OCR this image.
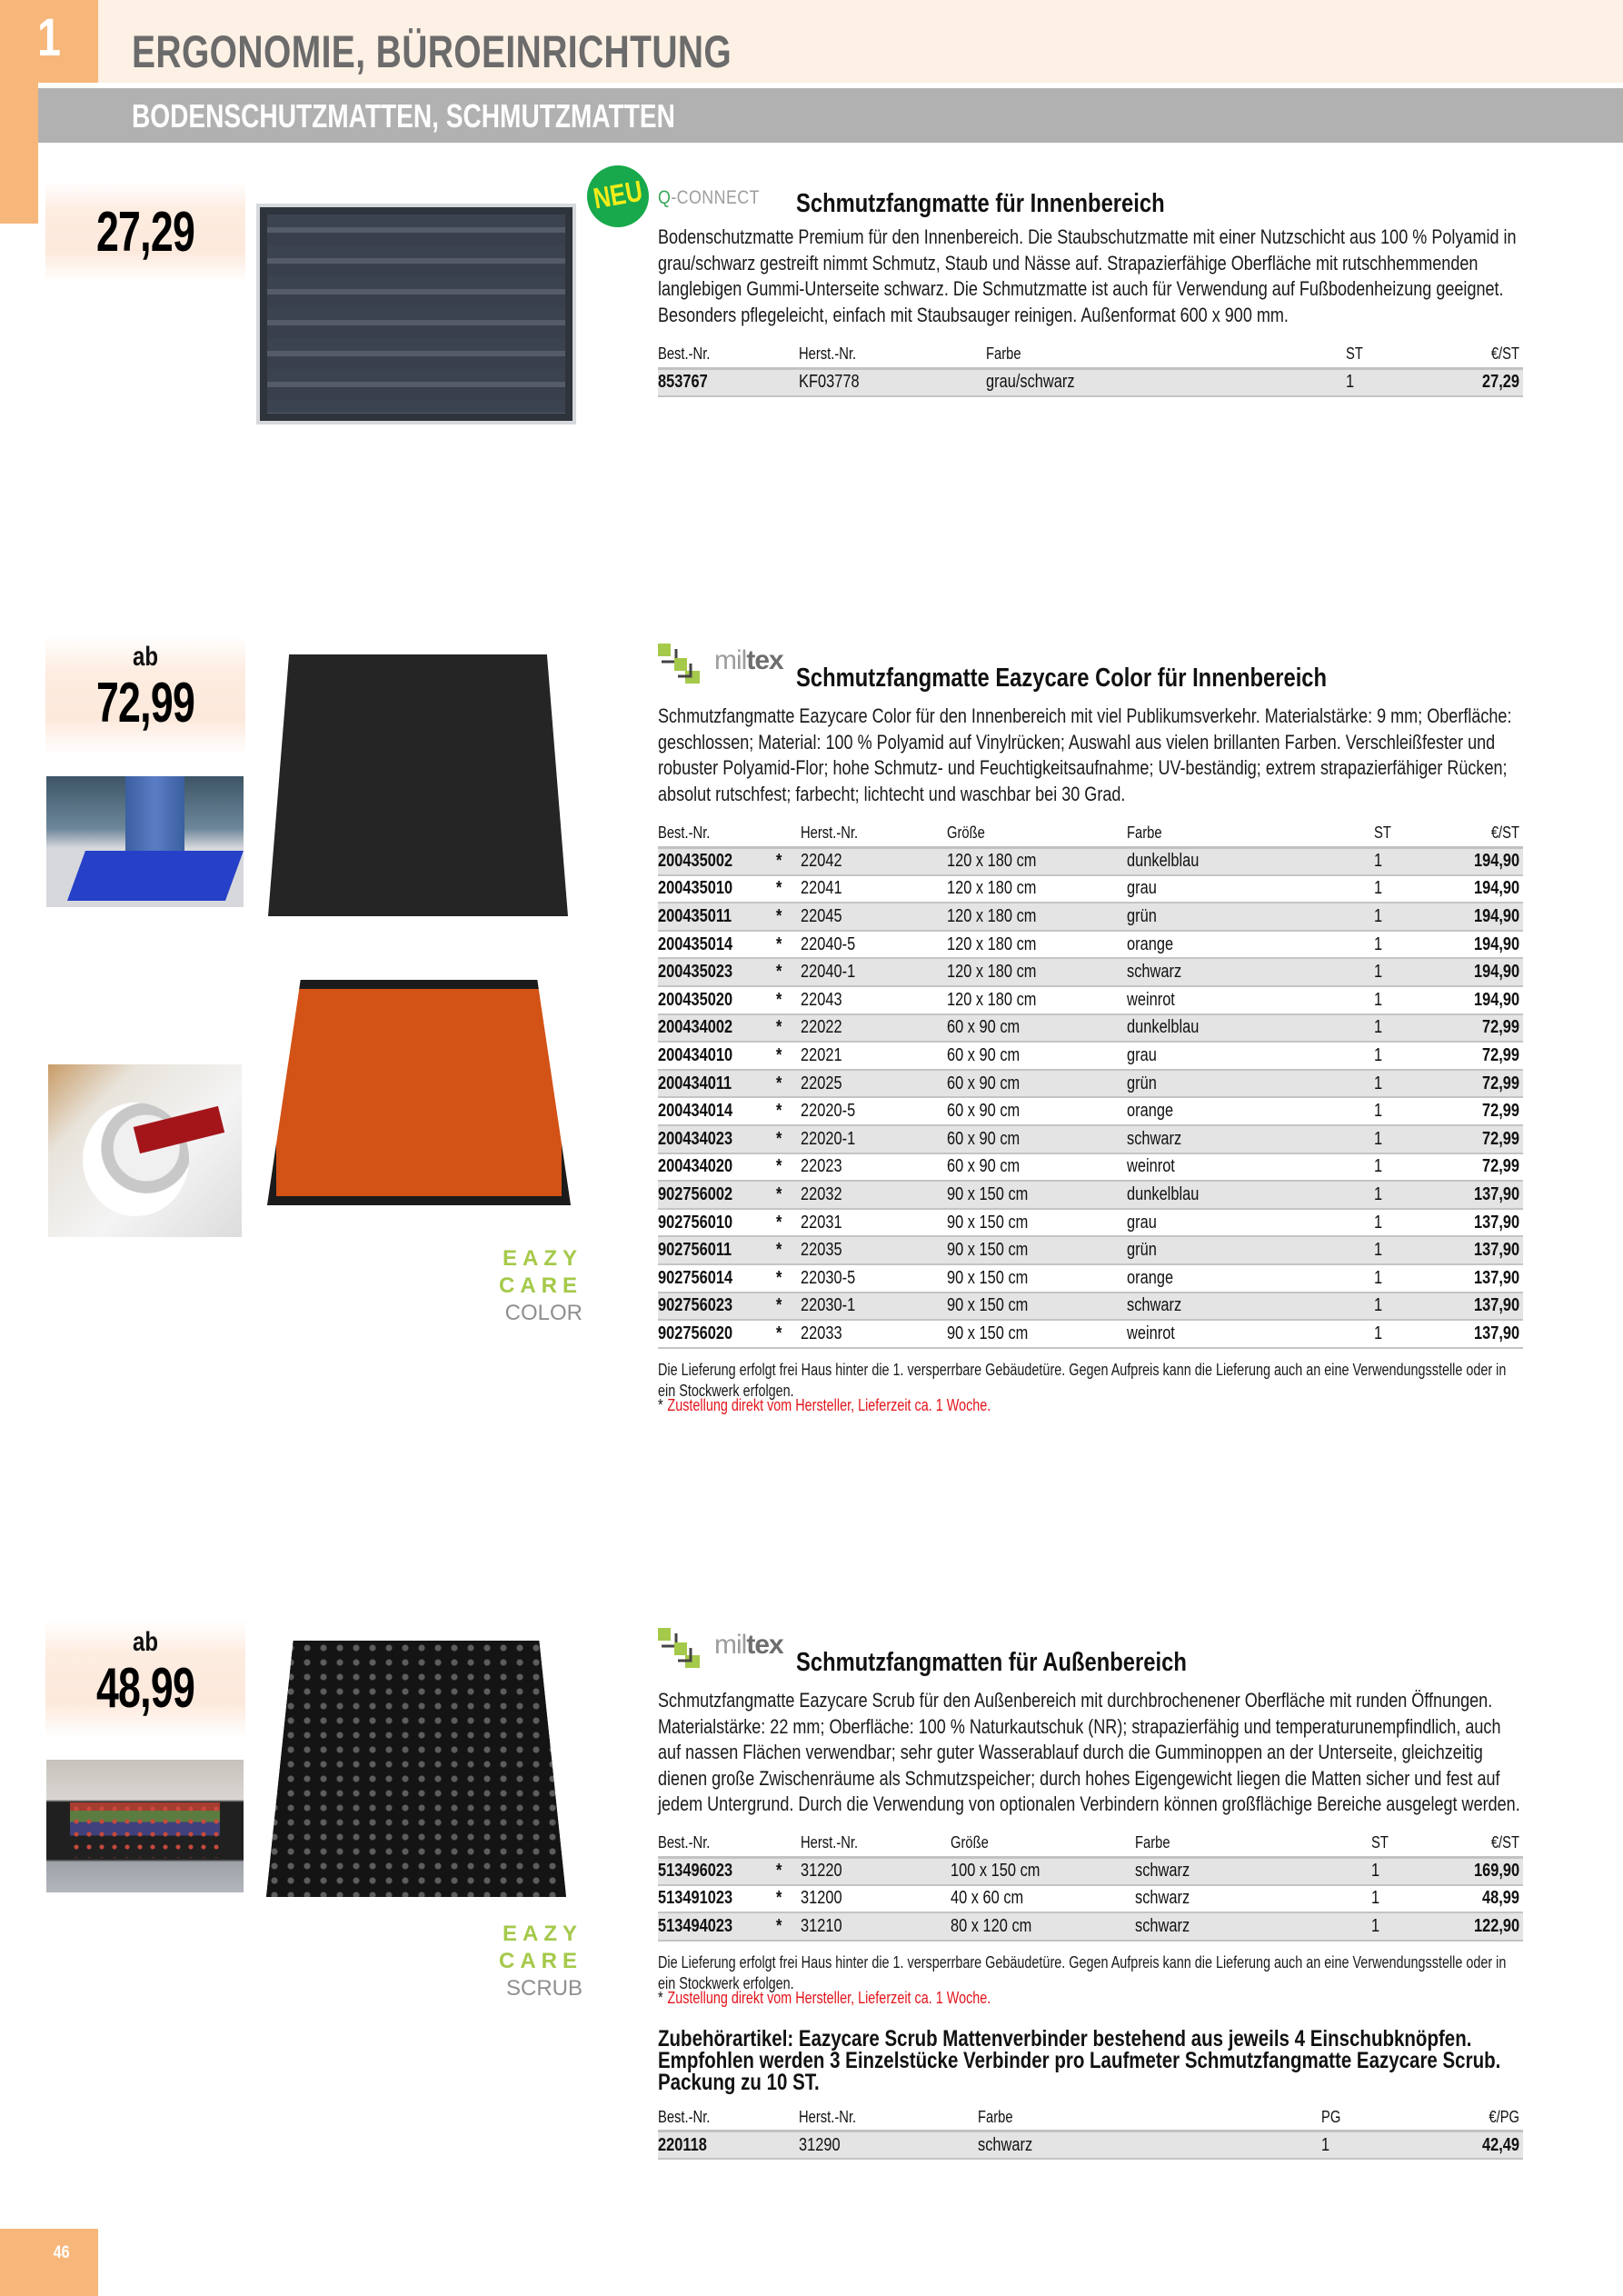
1	ERGONOMIE, BÜROEINRICHTUNG
BODENSCHUTZMATTEN, SCHMUTZMATTEN
27,29
NEU Q-CONNECT Schmutzfangmatte für Innenbereich
Bodenschutzmatte Premium für den Innenbereich. Die Staubschutzmatte mit einer Nutzschicht aus 100 % Polyamid in grau/schwarz gestreift nimmt Schmutz, Staub und Nässe auf. Strapazierfähige Oberfläche mit rutschhemmenden langlebigen Gummi-Unterseite schwarz. Die Schmutzmatte ist auch für Verwendung auf Fußbodenheizung geeignet. Besonders pflegeleicht, einfach mit Staubsauger reinigen. Außenformat 600 x 900 mm.
Best.-Nr.	Herst.-Nr.	Farbe	ST	€/ST
853767	KF03778	grau/schwarz	1	27,29
ab
72,99
EAZY
CARE
COLOR
miltex
Schmutzfangmatte Eazycare Color für Innenbereich
Schmutzfangmatte Eazycare Color für den Innenbereich mit viel Publikumsverkehr. Materialstärke: 9 mm; Oberfläche: geschlossen; Material: 100 % Polyamid auf Vinylrücken; Auswahl aus vielen brillanten Farben. Verschleißfester und robuster Polyamid-Flor; hohe Schmutz- und Feuchtigkeitsaufnahme; UV-beständig; extrem strapazierfähiger Rücken; absolut rutschfest; farbecht; lichtecht und waschbar bei 30 Grad.
Best.-Nr.		Herst.-Nr.	Größe	Farbe	ST	€/ST
200435002	*	22042	120 x 180 cm	dunkelblau	1	194,90
200435010	*	22041	120 x 180 cm	grau	1	194,90
200435011	*	22045	120 x 180 cm	grün	1	194,90
200435014	*	22040-5	120 x 180 cm	orange	1	194,90
200435023	*	22040-1	120 x 180 cm	schwarz	1	194,90
200435020	*	22043	120 x 180 cm	weinrot	1	194,90
200434002	*	22022	60 x 90 cm	dunkelblau	1	72,99
200434010	*	22021	60 x 90 cm	grau	1	72,99
200434011	*	22025	60 x 90 cm	grün	1	72,99
200434014	*	22020-5	60 x 90 cm	orange	1	72,99
200434023	*	22020-1	60 x 90 cm	schwarz	1	72,99
200434020	*	22023	60 x 90 cm	weinrot	1	72,99
902756002	*	22032	90 x 150 cm	dunkelblau	1	137,90
902756010	*	22031	90 x 150 cm	grau	1	137,90
902756011	*	22035	90 x 150 cm	grün	1	137,90
902756014	*	22030-5	90 x 150 cm	orange	1	137,90
902756023	*	22030-1	90 x 150 cm	schwarz	1	137,90
902756020	*	22033	90 x 150 cm	weinrot	1	137,90
Die Lieferung erfolgt frei Haus hinter die 1. versperrbare Gebäudetüre. Gegen Aufpreis kann die Lieferung auch an eine Verwendungsstelle oder in ein Stockwerk erfolgen.
* Zustellung direkt vom Hersteller, Lieferzeit ca. 1 Woche.
ab
48,99
EAZY
CARE
SCRUB
miltex
Schmutzfangmatten für Außenbereich
Schmutzfangmatte Eazycare Scrub für den Außenbereich mit durchbrochenener Oberfläche mit runden Öffnungen. Materialstärke: 22 mm; Oberfläche: 100 % Naturkautschuk (NR); strapazierfähig und temperaturunempfindlich, auch auf nassen Flächen verwendbar; sehr guter Wasserablauf durch die Gumminoppen an der Unterseite, gleichzeitig dienen große Zwischenräume als Schmutzspeicher; durch hohes Eigengewicht liegen die Matten sicher und fest auf jedem Untergrund. Durch die Verwendung von optionalen Verbindern können großflächige Bereiche ausgelegt werden.
Best.-Nr.		Herst.-Nr.	Größe	Farbe	ST	€/ST
513496023	*	31220	100 x 150 cm	schwarz	1	169,90
513491023	*	31200	40 x 60 cm	schwarz	1	48,99
513494023	*	31210	80 x 120 cm	schwarz	1	122,90
Die Lieferung erfolgt frei Haus hinter die 1. versperrbare Gebäudetüre. Gegen Aufpreis kann die Lieferung auch an eine Verwendungsstelle oder in ein Stockwerk erfolgen.
* Zustellung direkt vom Hersteller, Lieferzeit ca. 1 Woche.
Zubehörartikel: Eazycare Scrub Mattenverbinder bestehend aus jeweils 4 Einschubknöpfen. Empfohlen werden 3 Einzelstücke Verbinder pro Laufmeter Schmutzfangmatte Eazycare Scrub. Packung zu 10 ST.
Best.-Nr.	Herst.-Nr.	Farbe	PG	€/PG
220118	31290	schwarz	1	42,49
46
